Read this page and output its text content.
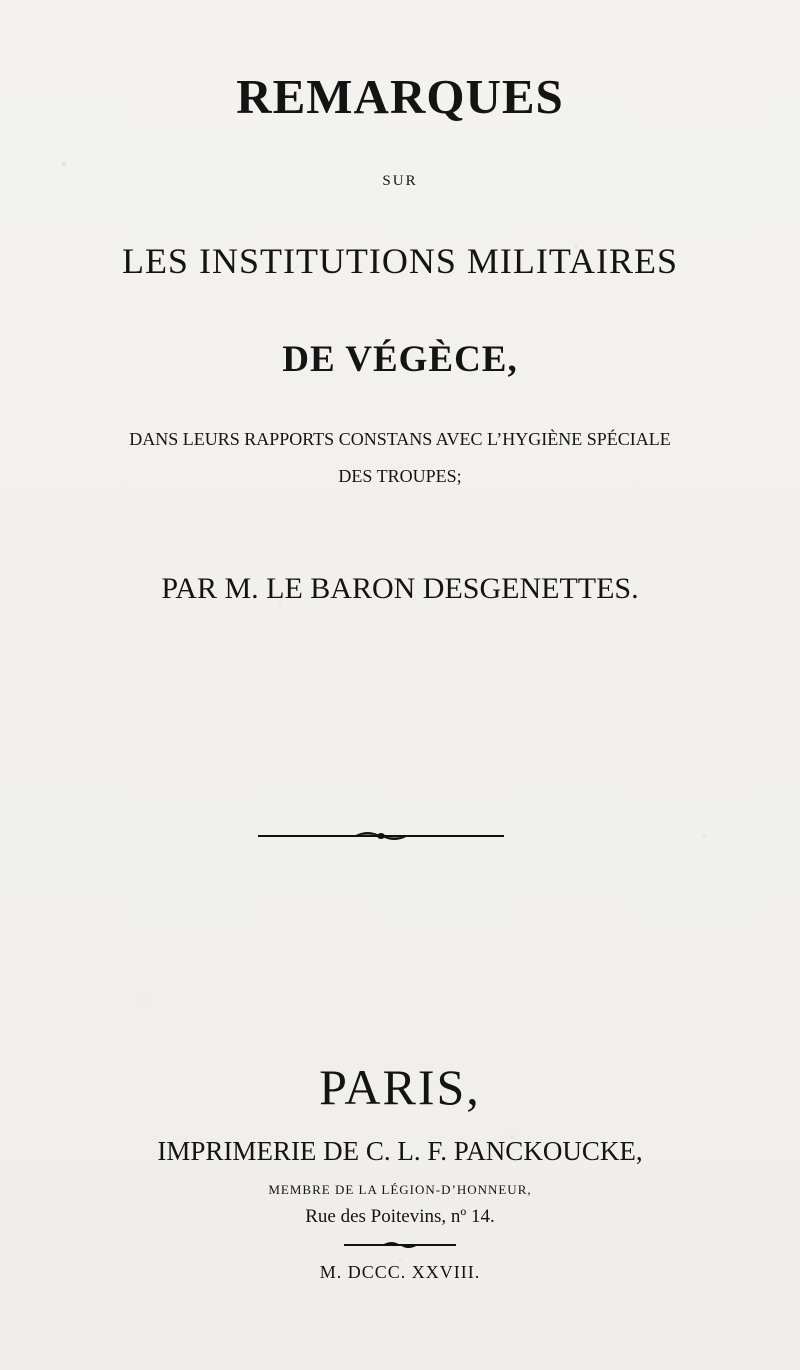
REMARQUES
SUR
LES INSTITUTIONS MILITAIRES
DE VÉGÈCE,
DANS LEURS RAPPORTS CONSTANS AVEC L’HYGIÈNE SPÉCIALE
DES TROUPES;
PAR M. LE BARON DESGENETTES.
PARIS,
IMPRIMERIE DE C. L. F. PANCKOUCKE,
MEMBRE DE LA LÉGION-D’HONNEUR,
Rue des Poitevins, nº 14.
M. DCCC. XXVIII.
